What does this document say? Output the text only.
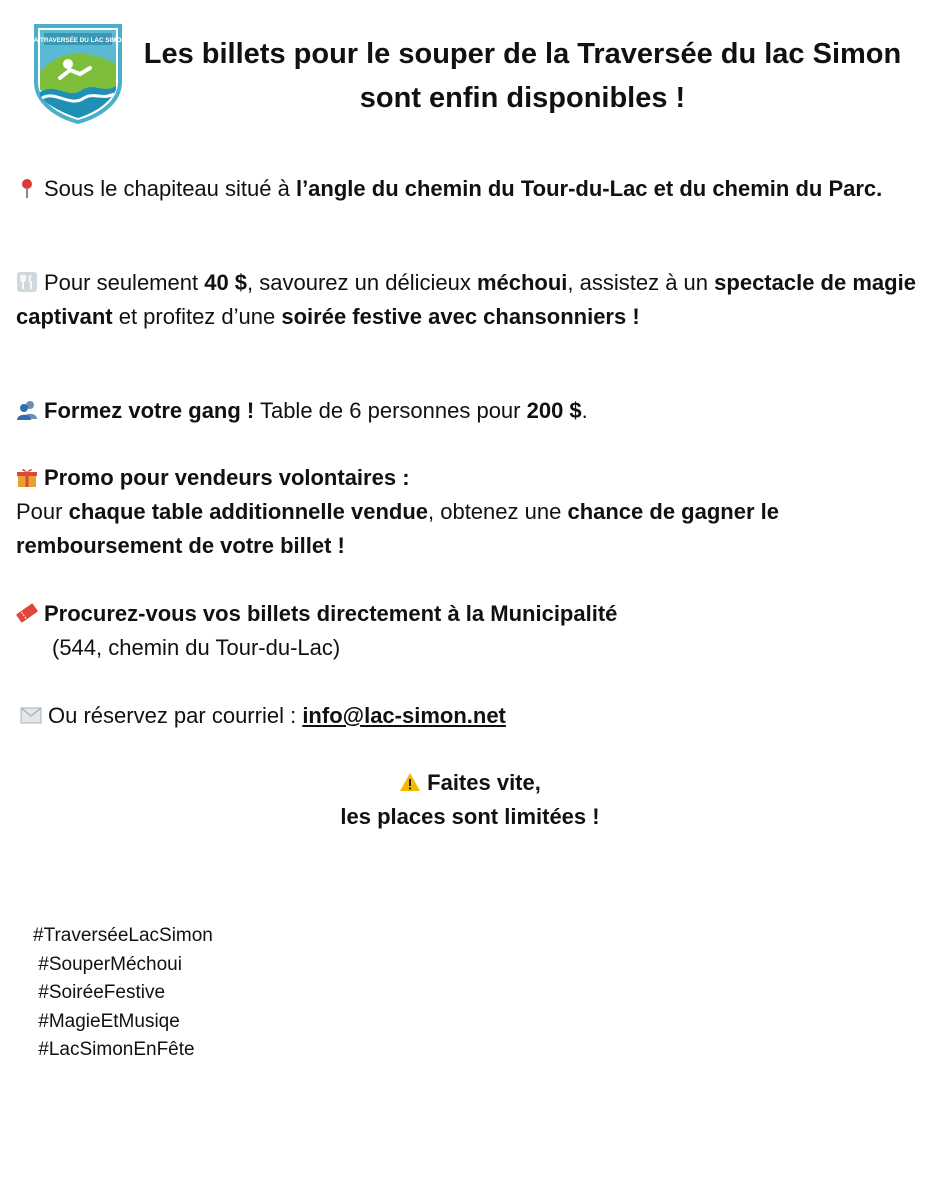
LA TRAVERSÉE DU LAC SIMON Les billets pour le souper de la Traversée du lac Simon sont enfin disponibles !

Sous le chapiteau situé à l’angle du chemin du Tour-du-Lac et du chemin du Parc.

Pour seulement 40 $, savourez un délicieux méchoui, assistez à un spectacle de magie captivant et profitez d’une soirée festive avec chansonniers !

Formez votre gang ! Table de 6 personnes pour 200 $.

Promo pour vendeurs volontaires :
Pour chaque table additionnelle vendue, obtenez une chance de gagner le remboursement de votre billet !

Procurez-vous vos billets directement à la Municipalité
(544, chemin du Tour-du-Lac)

Ou réservez par courriel : info@lac-simon.net

Faites vite,

les places sont limitées !

#TraverséeLacSimon
#SouperMéchoui
#SoiréeFestive
#MagieEtMusiqe
#LacSimonEnFête
